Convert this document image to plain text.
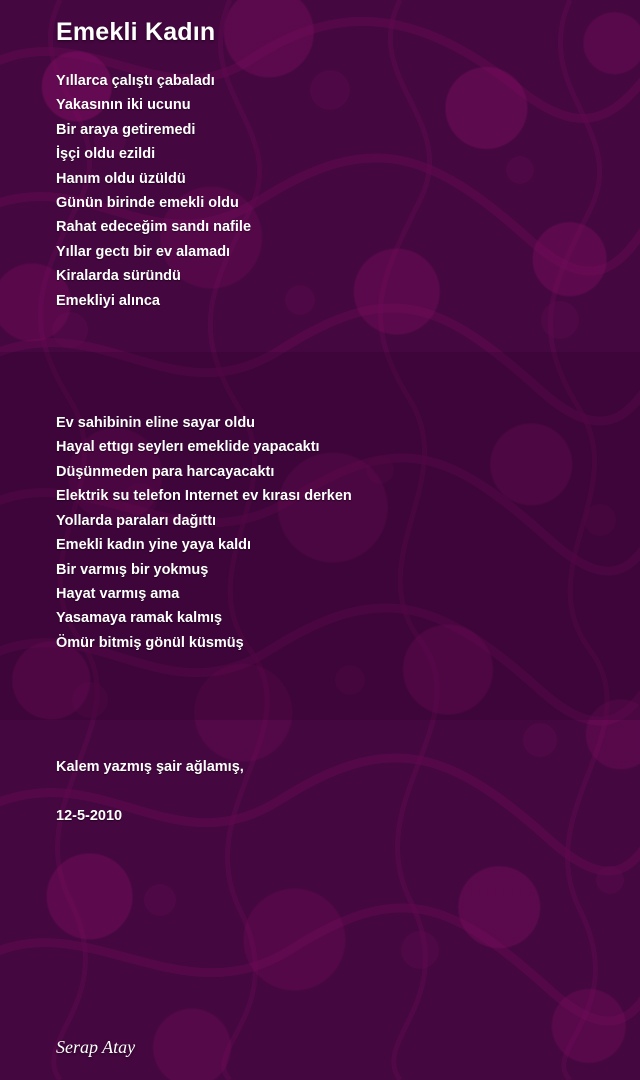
Emekli Kadın
Yıllarca çalıştı çabaladı
Yakasının iki ucunu
Bir araya getiremedi
İşçi oldu ezildi
Hanım oldu üzüldü
Günün birinde emekli oldu
Rahat edeceğim sandı nafile
Yıllar gectı bir ev alamadı
Kiralarda süründü
Emekliyi alınca
Ev sahibinin eline sayar oldu
Hayal ettıgı seylerı emeklide yapacaktı
Düşünmeden para harcayacaktı
Elektrik su telefon Internet ev kırası derken
Yollarda paraları dağıttı
Emekli kadın yine yaya kaldı
Bir varmış bir yokmuş
Hayat varmış ama
Yasamaya ramak kalmış
Ömür bitmiş gönül küsmüş
Kalem yazmış şair ağlamış,
12-5-2010
Serap Atay
